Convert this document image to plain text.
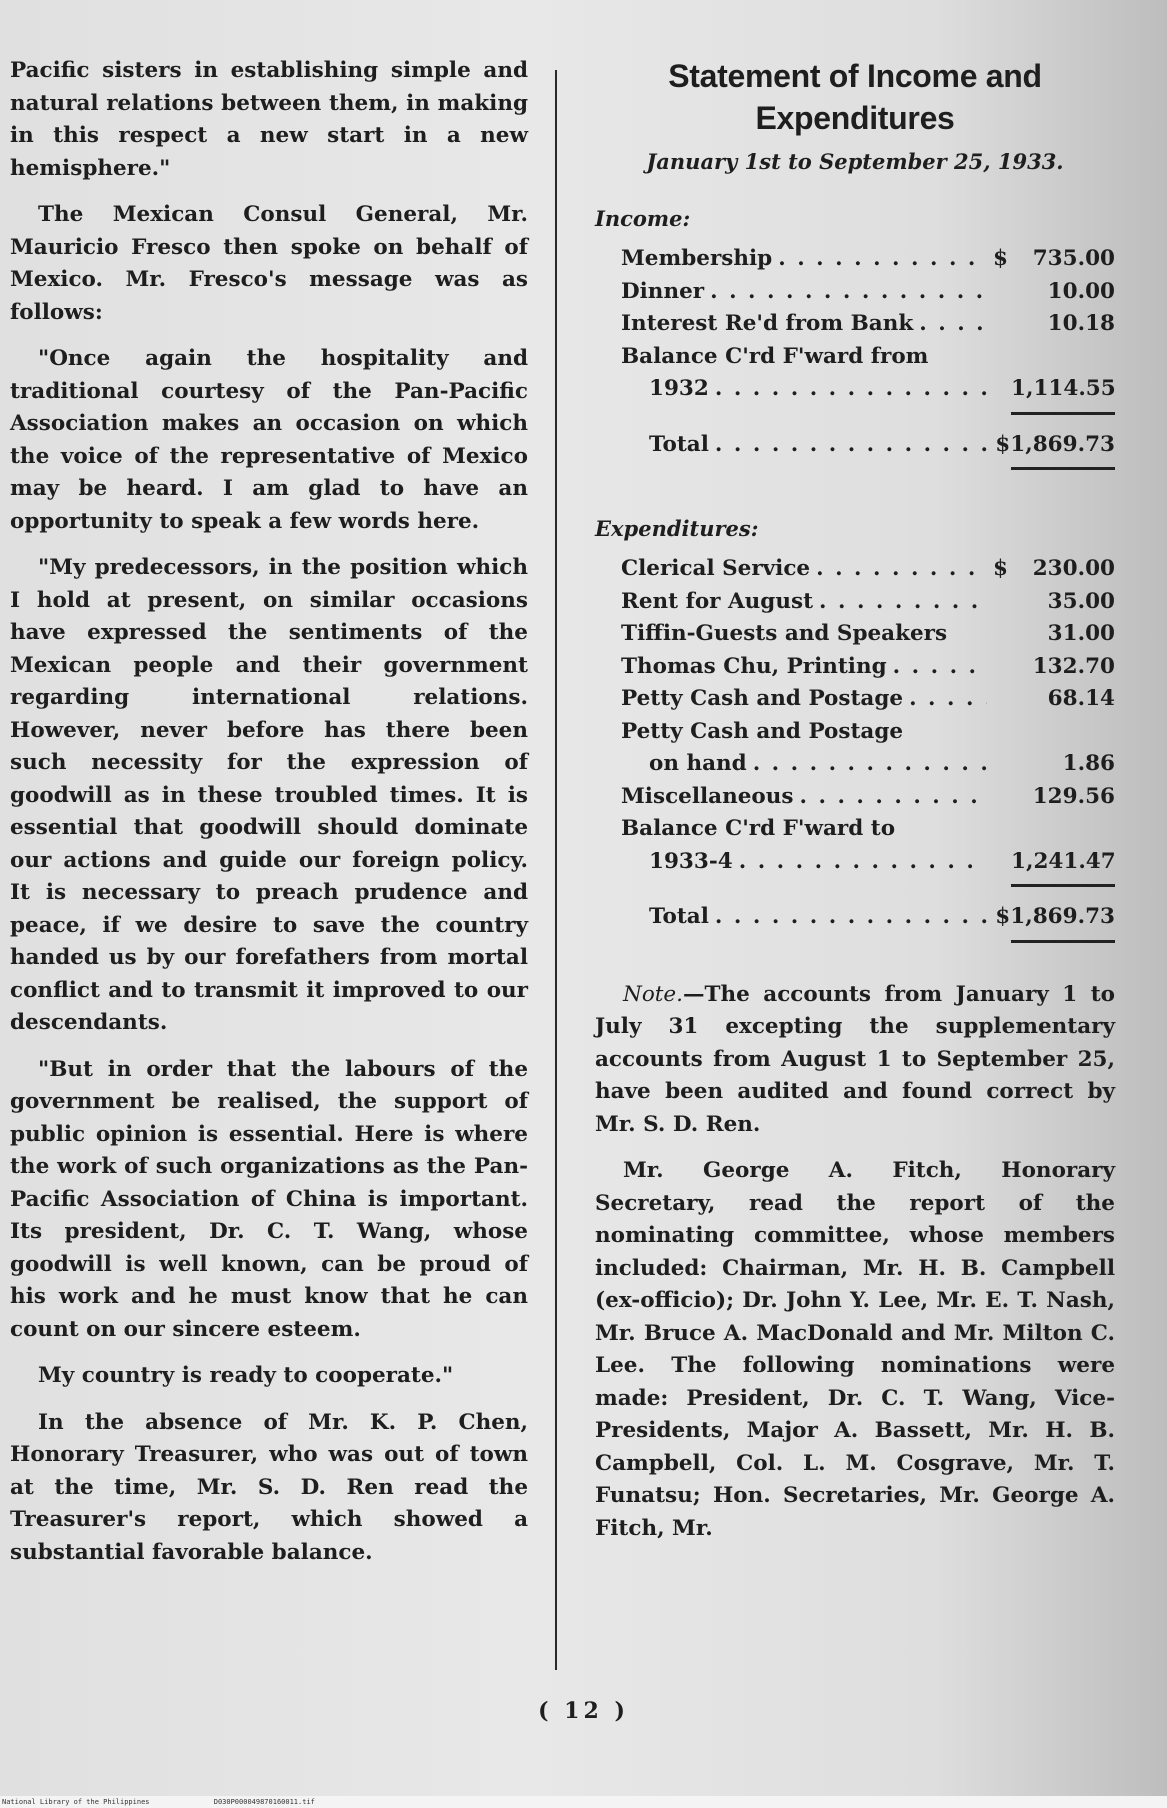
Pacific sisters in establishing simple and natural relations between them, in making in this respect a new start in a new hemisphere."

The Mexican Consul General, Mr. Mauricio Fresco then spoke on behalf of Mexico. Mr. Fresco's message was as follows:

"Once again the hospitality and traditional courtesy of the Pan-Pacific Association makes an occasion on which the voice of the representative of Mexico may be heard. I am glad to have an opportunity to speak a few words here.

"My predecessors, in the position which I hold at present, on similar occasions have expressed the sentiments of the Mexican people and their government regarding international relations. However, never before has there been such necessity for the expression of goodwill as in these troubled times. It is essential that goodwill should dominate our actions and guide our foreign policy. It is necessary to preach prudence and peace, if we desire to save the country handed us by our forefathers from mortal conflict and to transmit it improved to our descendants.

"But in order that the labours of the government be realised, the support of public opinion is essential. Here is where the work of such organizations as the Pan-Pacific Association of China is important. Its president, Dr. C. T. Wang, whose goodwill is well known, can be proud of his work and he must know that he can count on our sincere esteem.

My country is ready to cooperate."

In the absence of Mr. K. P. Chen, Honorary Treasurer, who was out of town at the time, Mr. S. D. Ren read the Treasurer's report, which showed a substantial favorable balance.

Statement of Income and
Expenditures
January 1st to September 25, 1933.
Income:
Membership . . .	$	735.00
Dinner . . .	10.00
Interest Re'd from Bank . . .	10.18
Balance C'rd F'ward from
1932 . . .	1,114.55
Total . . .	$1,869.73
Expenditures:
Clerical Service . . .	$	230.00
Rent for August . . .	35.00
Tiffin-Guests and Speakers	31.00
Thomas Chu, Printing . . .	132.70
Petty Cash and Postage . . .	68.14
Petty Cash and Postage
on hand . . .	1.86
Miscellaneous . . .	129.56
Balance C'rd F'ward to
1933-4 . . .	1,241.47
Total . . .	$1,869.73

Note.—The accounts from January 1 to July 31 excepting the supplementary accounts from August 1 to September 25, have been audited and found correct by Mr. S. D. Ren.

Mr. George A. Fitch, Honorary Secretary, read the report of the nominating committee, whose members included: Chairman, Mr. H. B. Campbell (ex-officio); Dr. John Y. Lee, Mr. E. T. Nash, Mr. Bruce A. MacDonald and Mr. Milton C. Lee. The following nominations were made: President, Dr. C. T. Wang, Vice-Presidents, Major A. Bassett, Mr. H. B. Campbell, Col. L. M. Cosgrave, Mr. T. Funatsu; Hon. Secretaries, Mr. George A. Fitch, Mr.

( 12 )
National Library of the Philippines	D030P000049870160011.tif
